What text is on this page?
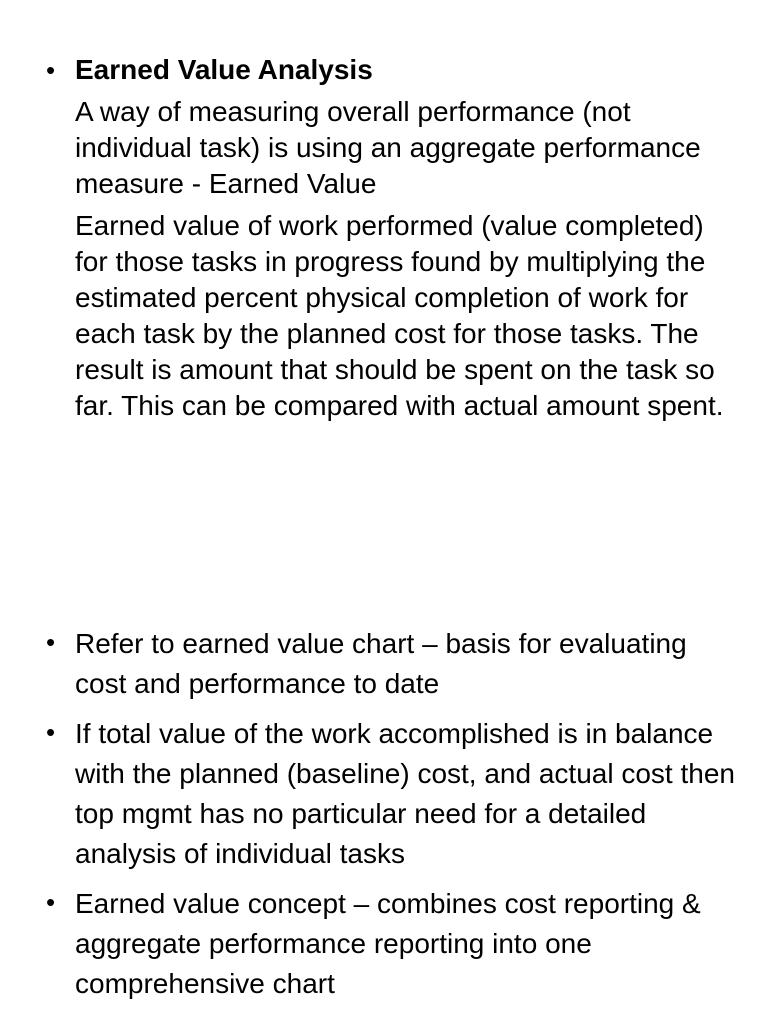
• Earned Value Analysis
A way of measuring overall performance (not individual task) is using an aggregate performance measure - Earned Value
Earned value of work performed (value completed) for those tasks in progress found by multiplying the estimated percent physical completion of work for each task by the planned cost for those tasks. The result is amount that should be spent on the task so far. This can be compared with actual amount spent.
• Refer to earned value chart – basis for evaluating cost and performance to date
• If total value of the work accomplished is in balance with the planned (baseline) cost, and actual cost then top mgmt has no particular need for a detailed analysis of individual tasks
• Earned value concept – combines cost reporting & aggregate performance reporting into one comprehensive chart
